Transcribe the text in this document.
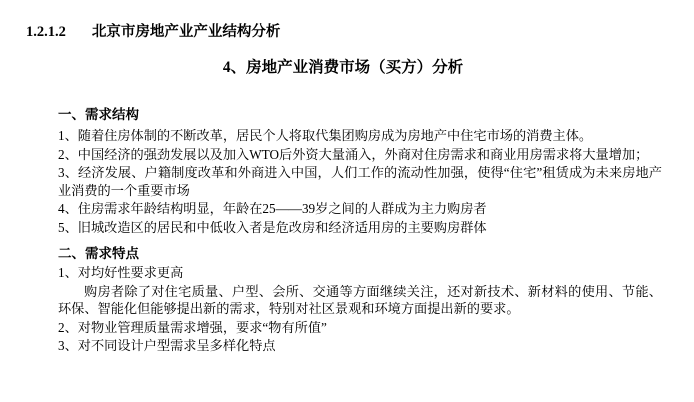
1.2.1.2 北京市房地产业产业结构分析
4、房地产业消费市场（买方）分析
一、需求结构

1、随着住房体制的不断改革，居民个人将取代集团购房成为房地产中住宅市场的消费主体。

2、中国经济的强劲发展以及加入WTO后外资大量涌入，外商对住房需求和商业用房需求将大量增加；

3、经济发展、户籍制度改革和外商进入中国，人们工作的流动性加强，使得“住宅”租赁成为未来房地产业消费的一个重要市场

4、住房需求年龄结构明显，年龄在25——39岁之间的人群成为主力购房者

5、旧城改造区的居民和中低收入者是危改房和经济适用房的主要购房群体

二、需求特点

1、对均好性要求更高

购房者除了对住宅质量、户型、会所、交通等方面继续关注，还对新技术、新材料的使用、节能、环保、智能化但能够提出新的需求，特别对社区景观和环境方面提出新的要求。

2、对物业管理质量需求增强，要求“物有所值”

3、对不同设计户型需求呈多样化特点
